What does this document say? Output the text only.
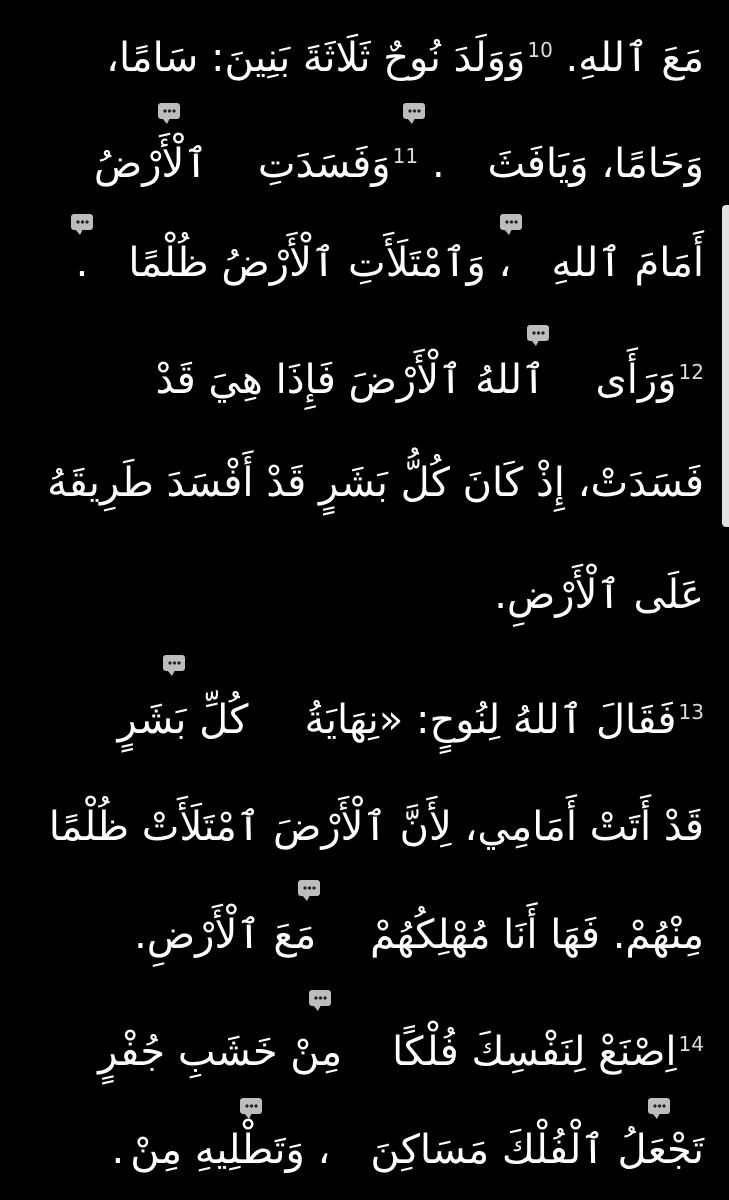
مَعَ ٱللهِ. $^{10}$وَوَلَدَ نُوحٌ ثَلَاثَةَ بَنِينَ: سَامًا،
وَحَامًا، وَيَافَثَ .$^{11}$وَفَسَدَتِٱلْأَرْضُ
أَمَامَ ٱللهِ، وَٱمْتَلَأَتِ ٱلْأَرْضُ ظُلْمًا.
$^{12}$وَرَأَىٱللهُ ٱلْأَرْضَ فَإِذَا هِيَ قَدْ
فَسَدَتْ، إِذْ كَانَ كُلُّ بَشَرٍ قَدْ أَفْسَدَ طَرِيقَهُ
عَلَى ٱلْأَرْضِ.
$^{13}$فَقَالَ ٱللهُ لِنُوحٍ: «نِهَايَةُكُلِّ بَشَرٍ
قَدْ أَتَتْ أَمَامِي، لِأَنَّ ٱلْأَرْضَ ٱمْتَلَأَتْ ظُلْمًا
مِنْهُمْ. فَهَا أَنَا مُهْلِكُهُمْمَعَ ٱلْأَرْضِ.
$^{14}$اِصْنَعْ لِنَفْسِكَ فُلْكًامِنْ خَشَبِ جُفْرٍ
تَجْعَلُ ٱلْفُلْكَ مَسَاكِنَ، وَتَطْلِيهِ مِنْ.
